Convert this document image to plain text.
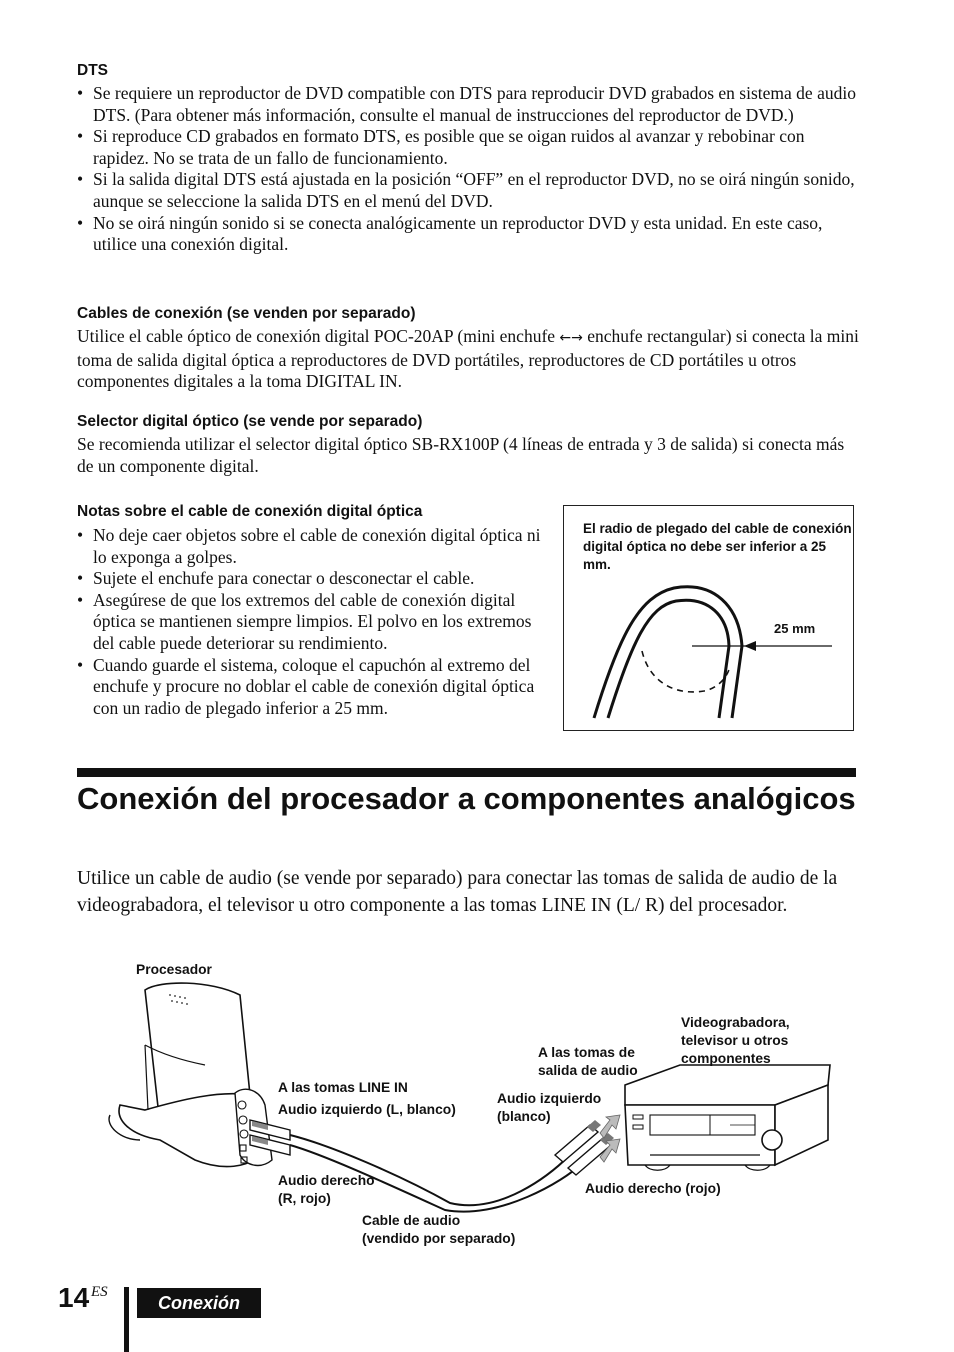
DTS
• Se requiere un reproductor de DVD compatible con DTS para reproducir DVD grabados en sistema de audio DTS. (Para obtener más información, consulte el manual de instrucciones del reproductor de DVD.)
• Si reproduce CD grabados en formato DTS, es posible que se oigan ruidos al avanzar y rebobinar con rapidez. No se trata de un fallo de funcionamiento.
• Si la salida digital DTS está ajustada en la posición “OFF” en el reproductor DVD, no se oirá ningún sonido, aunque se seleccione la salida DTS en el menú del DVD.
• No se oirá ningún sonido si se conecta analógicamente un reproductor DVD y esta unidad. En este caso, utilice una conexión digital.
Cables de conexión (se venden por separado)
Utilice el cable óptico de conexión digital POC-20AP (mini enchufe ←→ enchufe rectangular) si conecta la mini toma de salida digital óptica a reproductores de DVD portátiles, reproductores de CD portátiles u otros componentes digitales a la toma DIGITAL IN.
Selector digital óptico (se vende por separado)
Se recomienda utilizar el selector digital óptico SB-RX100P (4 líneas de entrada y 3 de salida) si conecta más de un componente digital.
Notas sobre el cable de conexión digital óptica
• No deje caer objetos sobre el cable de conexión digital óptica ni lo exponga a golpes.
• Sujete el enchufe para conectar o desconectar el cable.
• Asegúrese de que los extremos del cable de conexión digital óptica se mantienen siempre limpios. El polvo en los extremos del cable puede deteriorar su rendimiento.
• Cuando guarde el sistema, coloque el capuchón al extremo del enchufe y procure no doblar el cable de conexión digital óptica con un radio de plegado inferior a 25 mm.
El radio de plegado del cable de conexión digital óptica no debe ser inferior a 25 mm.
25 mm
Conexión del procesador a componentes analógicos
Utilice un cable de audio (se vende por separado) para conectar las tomas de salida de audio de la videograbadora, el televisor u otro componente a las tomas LINE IN (L/ R) del procesador.
Procesador
A las tomas LINE IN
Audio izquierdo (L, blanco)
Audio derecho
(R, rojo)
Cable de audio
(vendido por separado)
A las tomas de
salida de audio
Audio izquierdo
(blanco)
Audio derecho (rojo)
Videograbadora,
televisor u otros
componentes
14 ES
Conexión
